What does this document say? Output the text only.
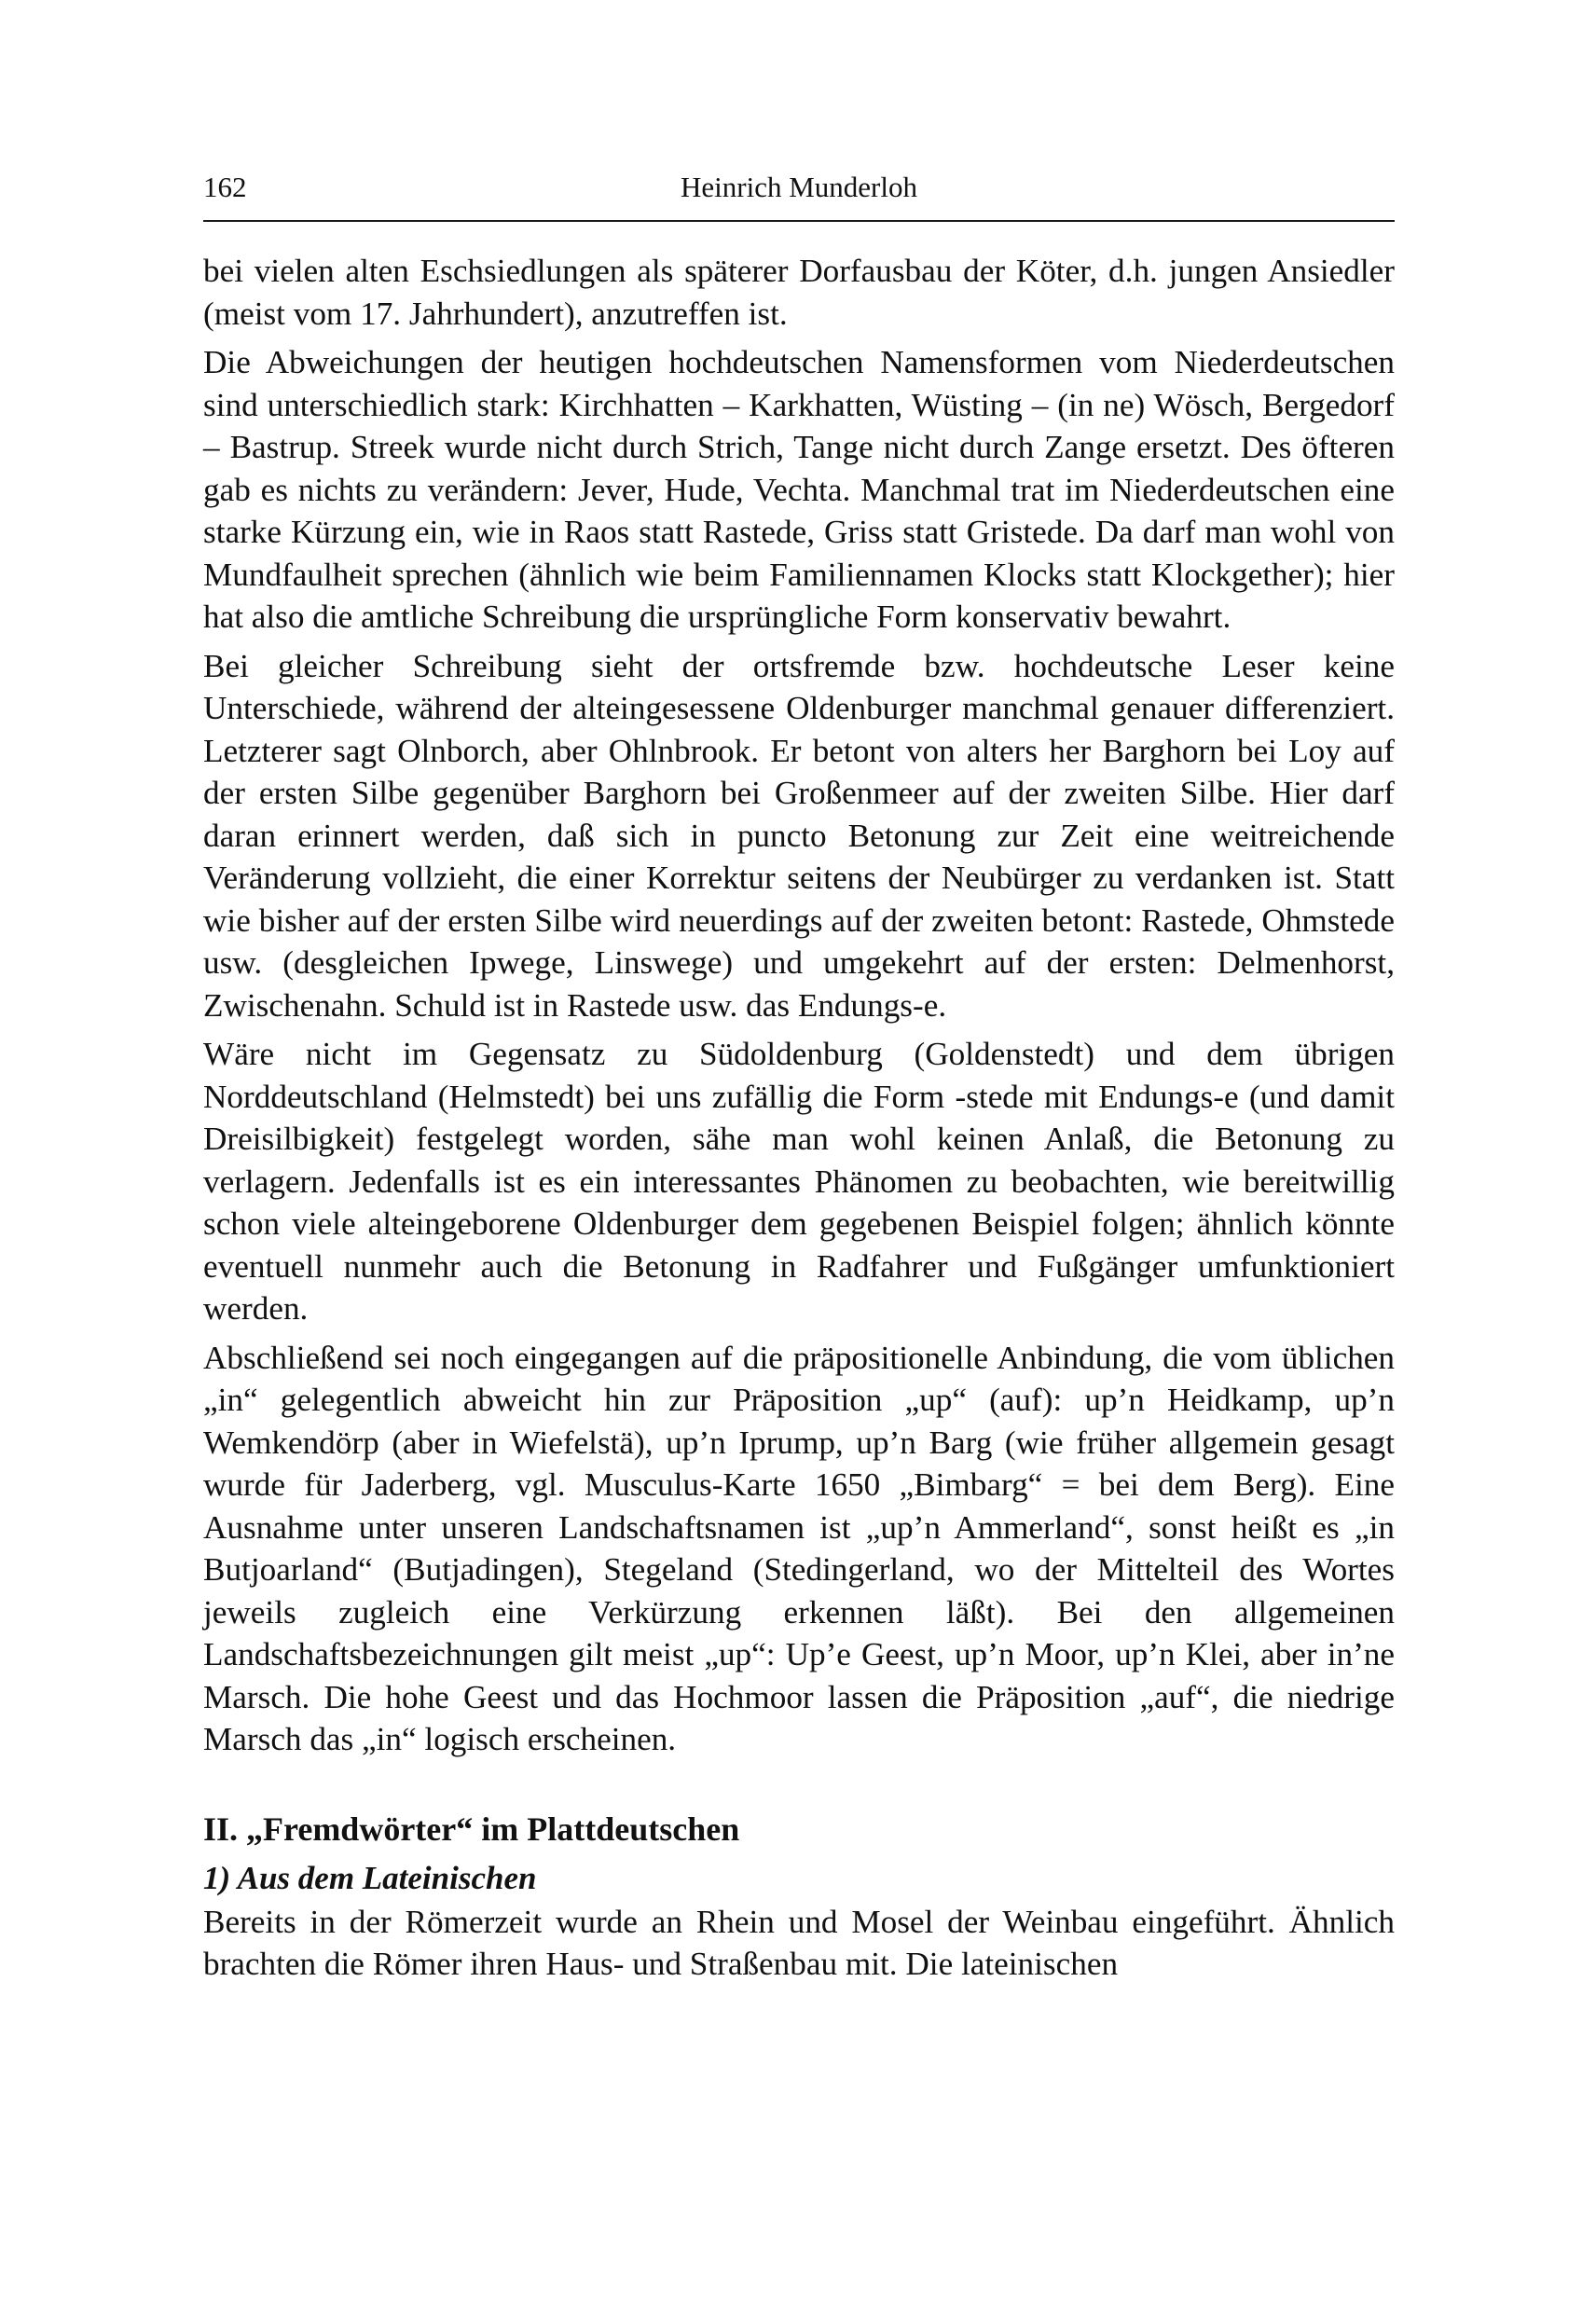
162	Heinrich Munderloh

bei vielen alten Eschsiedlungen als späterer Dorfausbau der Köter, d.h. jungen Ansiedler (meist vom 17. Jahrhundert), anzutreffen ist.

Die Abweichungen der heutigen hochdeutschen Namensformen vom Niederdeutschen sind unterschiedlich stark: Kirchhatten – Karkhatten, Wüsting – (in ne) Wösch, Bergedorf – Bastrup. Streek wurde nicht durch Strich, Tange nicht durch Zange ersetzt. Des öfteren gab es nichts zu verändern: Jever, Hude, Vechta. Manchmal trat im Niederdeutschen eine starke Kürzung ein, wie in Raos statt Rastede, Griss statt Gristede. Da darf man wohl von Mundfaulheit sprechen (ähnlich wie beim Familiennamen Klocks statt Klockgether); hier hat also die amtliche Schreibung die ursprüngliche Form konservativ bewahrt.

Bei gleicher Schreibung sieht der ortsfremde bzw. hochdeutsche Leser keine Unterschiede, während der alteingesessene Oldenburger manchmal genauer differenziert. Letzterer sagt Olnborch, aber Ohlnbrook. Er betont von alters her Barghorn bei Loy auf der ersten Silbe gegenüber Barghorn bei Großenmeer auf der zweiten Silbe. Hier darf daran erinnert werden, daß sich in puncto Betonung zur Zeit eine weitreichende Veränderung vollzieht, die einer Korrektur seitens der Neubürger zu verdanken ist. Statt wie bisher auf der ersten Silbe wird neuerdings auf der zweiten betont: Rastede, Ohmstede usw. (desgleichen Ipwege, Linswege) und umgekehrt auf der ersten: Delmenhorst, Zwischenahn. Schuld ist in Rastede usw. das Endungs-e.

Wäre nicht im Gegensatz zu Südoldenburg (Goldenstedt) und dem übrigen Norddeutschland (Helmstedt) bei uns zufällig die Form -stede mit Endungs-e (und damit Dreisilbigkeit) festgelegt worden, sähe man wohl keinen Anlaß, die Betonung zu verlagern. Jedenfalls ist es ein interessantes Phänomen zu beobachten, wie bereitwillig schon viele alteingeborene Oldenburger dem gegebenen Beispiel folgen; ähnlich könnte eventuell nunmehr auch die Betonung in Radfahrer und Fußgänger umfunktioniert werden.

Abschließend sei noch eingegangen auf die präpositionelle Anbindung, die vom üblichen „in“ gelegentlich abweicht hin zur Präposition „up“ (auf): up’n Heidkamp, up’n Wemkendörp (aber in Wiefelstä), up’n Iprump, up’n Barg (wie früher allgemein gesagt wurde für Jaderberg, vgl. Musculus-Karte 1650 „Bimbarg“ = bei dem Berg). Eine Ausnahme unter unseren Landschaftsnamen ist „up’n Ammerland“, sonst heißt es „in Butjoarland“ (Butjadingen), Stegeland (Stedingerland, wo der Mittelteil des Wortes jeweils zugleich eine Verkürzung erkennen läßt). Bei den allgemeinen Landschaftsbezeichnungen gilt meist „up“: Up’e Geest, up’n Moor, up’n Klei, aber in’ne Marsch. Die hohe Geest und das Hochmoor lassen die Präposition „auf“, die niedrige Marsch das „in“ logisch erscheinen.

II. „Fremdwörter“ im Plattdeutschen
1) Aus dem Lateinischen

Bereits in der Römerzeit wurde an Rhein und Mosel der Weinbau eingeführt. Ähnlich brachten die Römer ihren Haus- und Straßenbau mit. Die lateinischen
